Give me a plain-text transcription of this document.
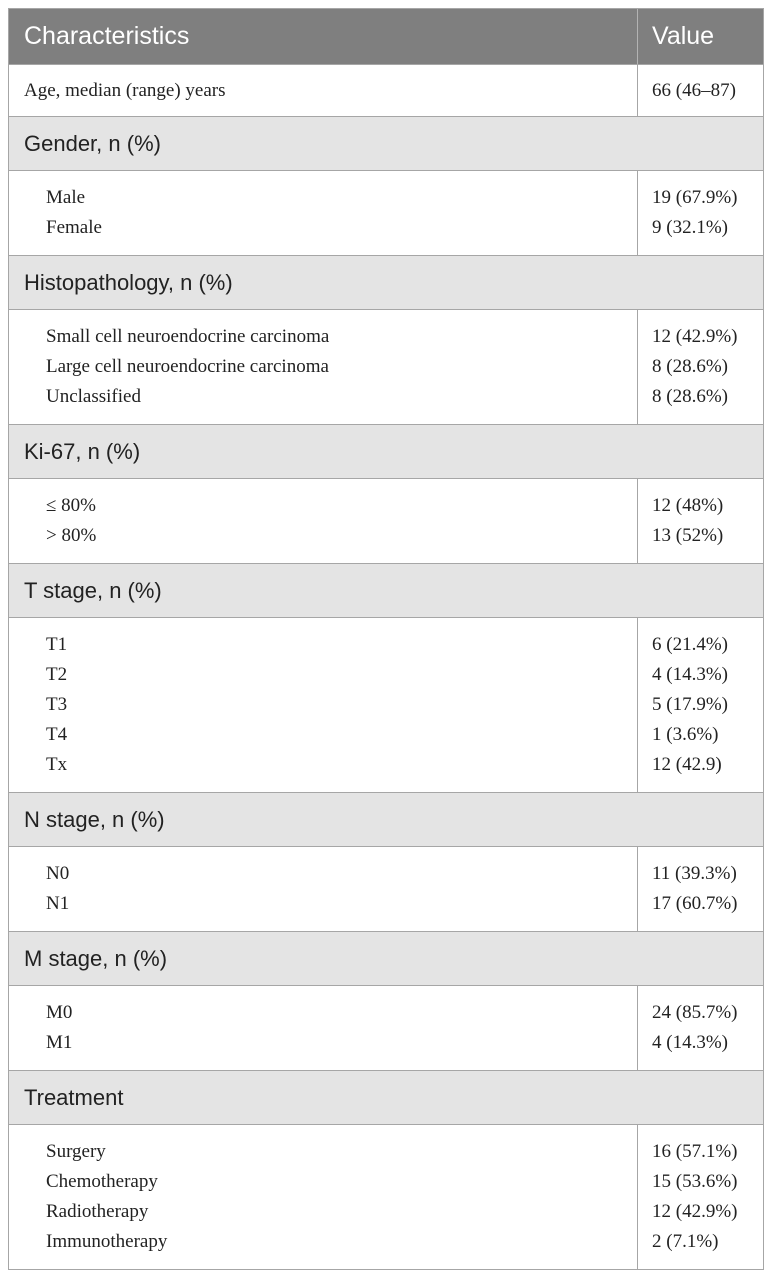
Characteristics	Value
Age, median (range) years	66 (46–87)
Gender, n (%)
Male
Female
19 (67.9%)
9 (32.1%)
Histopathology, n (%)
Small cell neuroendocrine carcinoma
Large cell neuroendocrine carcinoma
Unclassified
12 (42.9%)
8 (28.6%)
8 (28.6%)
Ki-67, n (%)
≤ 80%
> 80%
12 (48%)
13 (52%)
T stage, n (%)
T1
T2
T3
T4
Tx
6 (21.4%)
4 (14.3%)
5 (17.9%)
1 (3.6%)
12 (42.9)
N stage, n (%)
N0
N1
11 (39.3%)
17 (60.7%)
M stage, n (%)
M0
M1
24 (85.7%)
4 (14.3%)
Treatment
Surgery
Chemotherapy
Radiotherapy
Immunotherapy
16 (57.1%)
15 (53.6%)
12 (42.9%)
2 (7.1%)
